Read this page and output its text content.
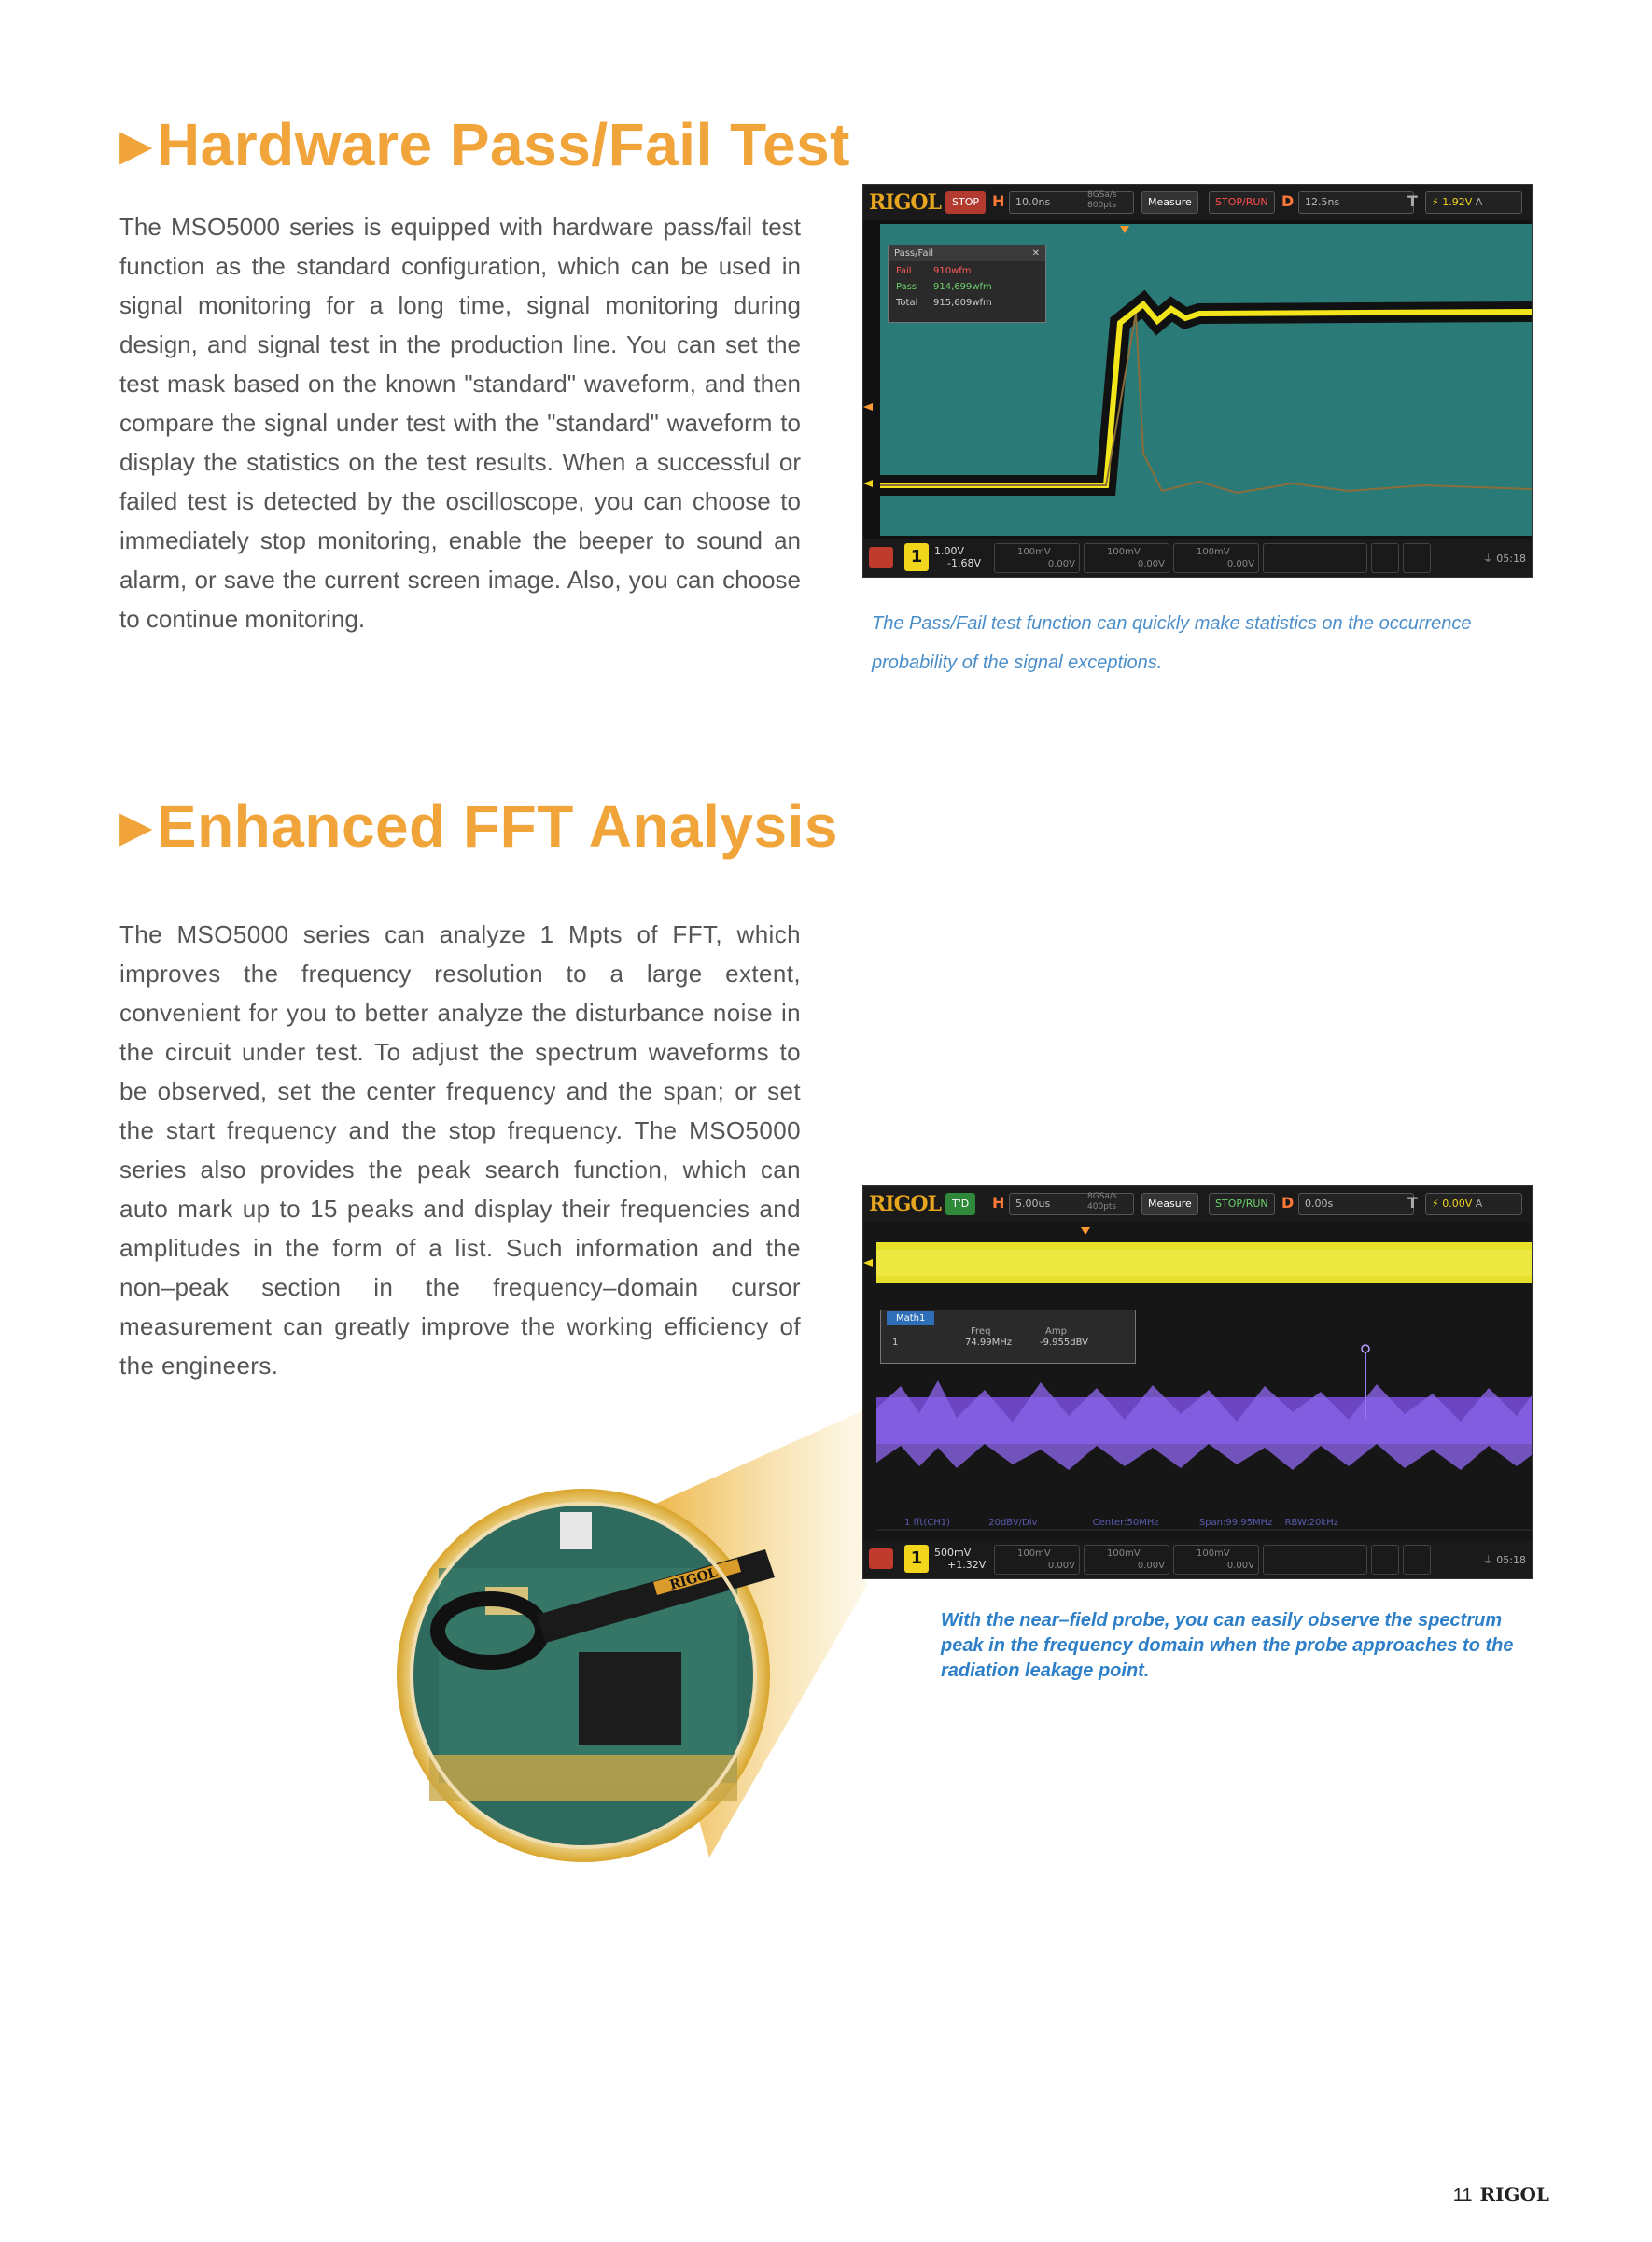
▶Hardware Pass/Fail Test
The MSO5000 series is equipped with hardware pass/fail test function as the standard configuration, which can be used in signal monitoring for a long time, signal monitoring during design, and signal test in the production line. You can set the test mask based on the known "standard" waveform, and then compare the signal under test with the "standard" waveform to display the statistics on the test results. When a successful or failed test is detected by the oscilloscope, you can choose to immediately stop monitoring, enable the beeper to sound an alarm, or save the current screen image. Also, you can choose to continue monitoring.
RIGOL	STOP H	10.0ns
8GSa/s
800pts	Measure	STOP/RUN D	12.5ns	T	⚡ 1.92V A
Pass/Fail	✕
Fail 910wfm
Pass 914,699wfm
Total 915,609wfm
1	1.00V
-1.68V
100mV
0.00V
100mV
0.00V
100mV
0.00V	⏚ 05:18
The Pass/Fail test function can quickly make statistics on the occurrence probability of the signal exceptions.
▶Enhanced FFT Analysis
The MSO5000 series can analyze 1 Mpts of FFT, which improves the frequency resolution to a large extent, convenient for you to better analyze the disturbance noise in the circuit under test. To adjust the spectrum waveforms to be observed, set the center frequency and the span; or set the start frequency and the stop frequency. The MSO5000 series also provides the peak search function, which can auto mark up to 15 peaks and display their frequencies and amplitudes in the form of a list. Such information and the non–peak section in the frequency–domain cursor measurement can greatly improve the working efficiency of the engineers.
RIGOL
RIGOL	T'D	H	5.00us
8GSa/s
400pts	Measure	STOP/RUN D	0.00s	T	⚡ 0.00V A
Math1
Freq	Amp
1	74.99MHz	-9.955dBV
1 fft(CH1)	20dBV/Div	Center:50MHz	Span:99.95MHz RBW:20kHz
1	500mV
+1.32V
100mV
0.00V
100mV
0.00V
100mV
0.00V	⏚ 05:18
With the near–field probe, you can easily observe the spectrum peak in the frequency domain when the probe approaches to the radiation leakage point.
11 RIGOL
